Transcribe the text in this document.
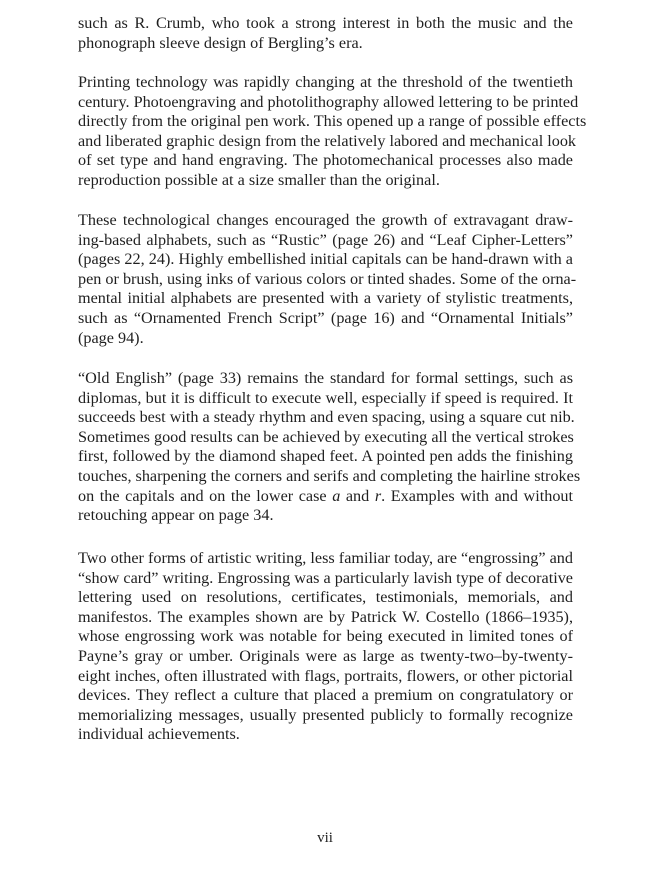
such as R. Crumb, who took a strong interest in both the music and the
phonograph sleeve design of Bergling’s era.
Printing technology was rapidly changing at the threshold of the twentieth
century. Photoengraving and photolithography allowed lettering to be printed
directly from the original pen work. This opened up a range of possible effects
and liberated graphic design from the relatively labored and mechanical look
of set type and hand engraving. The photomechanical processes also made
reproduction possible at a size smaller than the original.
These technological changes encouraged the growth of extravagant draw-
ing-based alphabets, such as “Rustic” (page 26) and “Leaf Cipher-Letters”
(pages 22, 24). Highly embellished initial capitals can be hand-drawn with a
pen or brush, using inks of various colors or tinted shades. Some of the orna-
mental initial alphabets are presented with a variety of stylistic treatments,
such as “Ornamented French Script” (page 16) and “Ornamental Initials”
(page 94).
“Old English” (page 33) remains the standard for formal settings, such as
diplomas, but it is difficult to execute well, especially if speed is required. It
succeeds best with a steady rhythm and even spacing, using a square cut nib.
Sometimes good results can be achieved by executing all the vertical strokes
first, followed by the diamond shaped feet. A pointed pen adds the finishing
touches, sharpening the corners and serifs and completing the hairline strokes
on the capitals and on the lower case a and r. Examples with and without
retouching appear on page 34.
Two other forms of artistic writing, less familiar today, are “engrossing” and
“show card” writing. Engrossing was a particularly lavish type of decorative
lettering used on resolutions, certificates, testimonials, memorials, and
manifestos. The examples shown are by Patrick W. Costello (1866–1935),
whose engrossing work was notable for being executed in limited tones of
Payne’s gray or umber. Originals were as large as twenty-two–by-twenty-
eight inches, often illustrated with flags, portraits, flowers, or other pictorial
devices. They reflect a culture that placed a premium on congratulatory or
memorializing messages, usually presented publicly to formally recognize
individual achievements.
vii
